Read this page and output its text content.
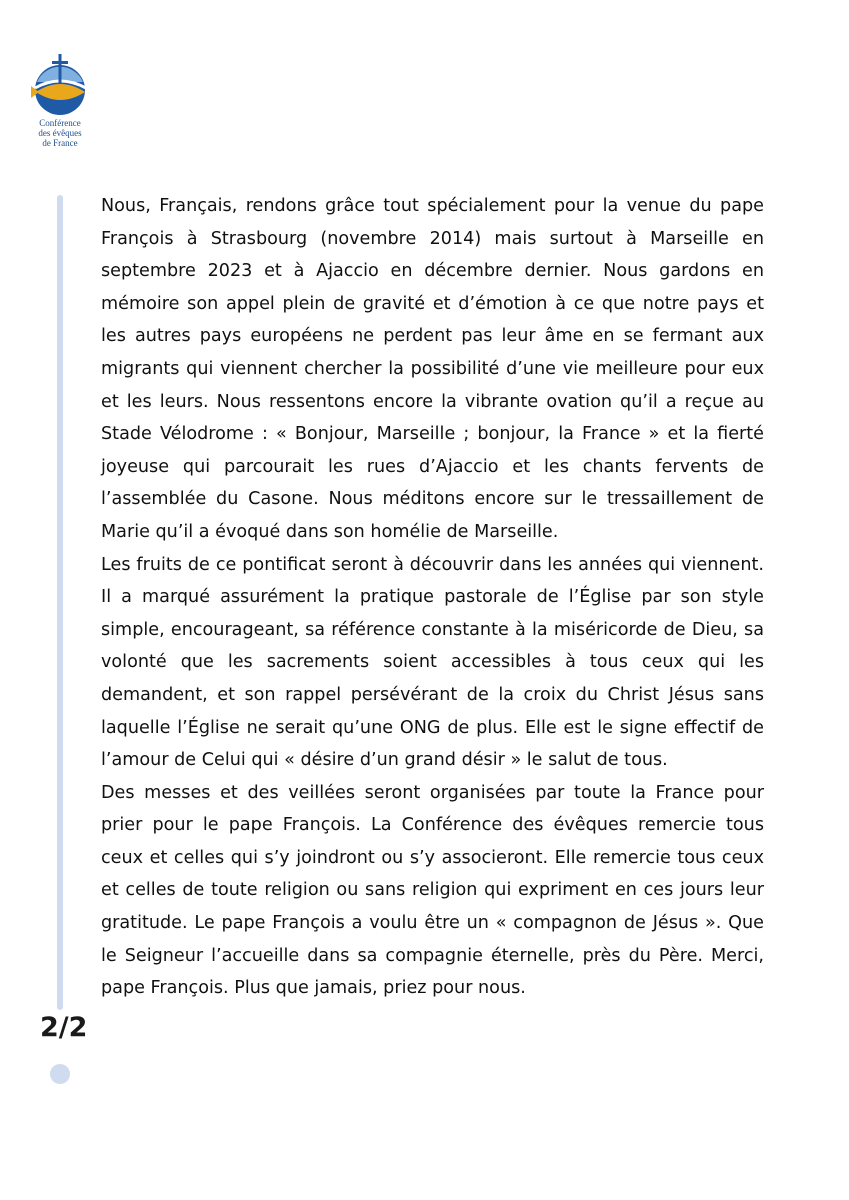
Conférence
des évêques
de France
2/2

Nous, Français, rendons grâce tout spécialement pour la venue du pape François à Strasbourg (novembre 2014) mais surtout à Marseille en septembre 2023 et à Ajaccio en décembre dernier. Nous gardons en mémoire son appel plein de gravité et d’émotion à ce que notre pays et les autres pays européens ne perdent pas leur âme en se fermant aux migrants qui viennent chercher la possibilité d’une vie meilleure pour eux et les leurs. Nous ressentons encore la vibrante ovation qu’il a reçue au Stade Vélodrome : « Bonjour, Marseille ; bonjour, la France » et la fierté joyeuse qui parcourait les rues d’Ajaccio et les chants fervents de l’assemblée du Casone. Nous méditons encore sur le tressaillement de Marie qu’il a évoqué dans son homélie de Marseille.

Les fruits de ce pontificat seront à découvrir dans les années qui viennent. Il a marqué assurément la pratique pastorale de l’Église par son style simple, encourageant, sa référence constante à la miséricorde de Dieu, sa volonté que les sacrements soient accessibles à tous ceux qui les demandent, et son rappel persévérant de la croix du Christ Jésus sans laquelle l’Église ne serait qu’une ONG de plus. Elle est le signe effectif de l’amour de Celui qui « désire d’un grand désir » le salut de tous.

Des messes et des veillées seront organisées par toute la France pour prier pour le pape François. La Conférence des évêques remercie tous ceux et celles qui s’y joindront ou s’y associeront. Elle remercie tous ceux et celles de toute religion ou sans religion qui expriment en ces jours leur gratitude. Le pape François a voulu être un « compagnon de Jésus ». Que le Seigneur l’accueille dans sa compagnie éternelle, près du Père. Merci, pape François. Plus que jamais, priez pour nous.
